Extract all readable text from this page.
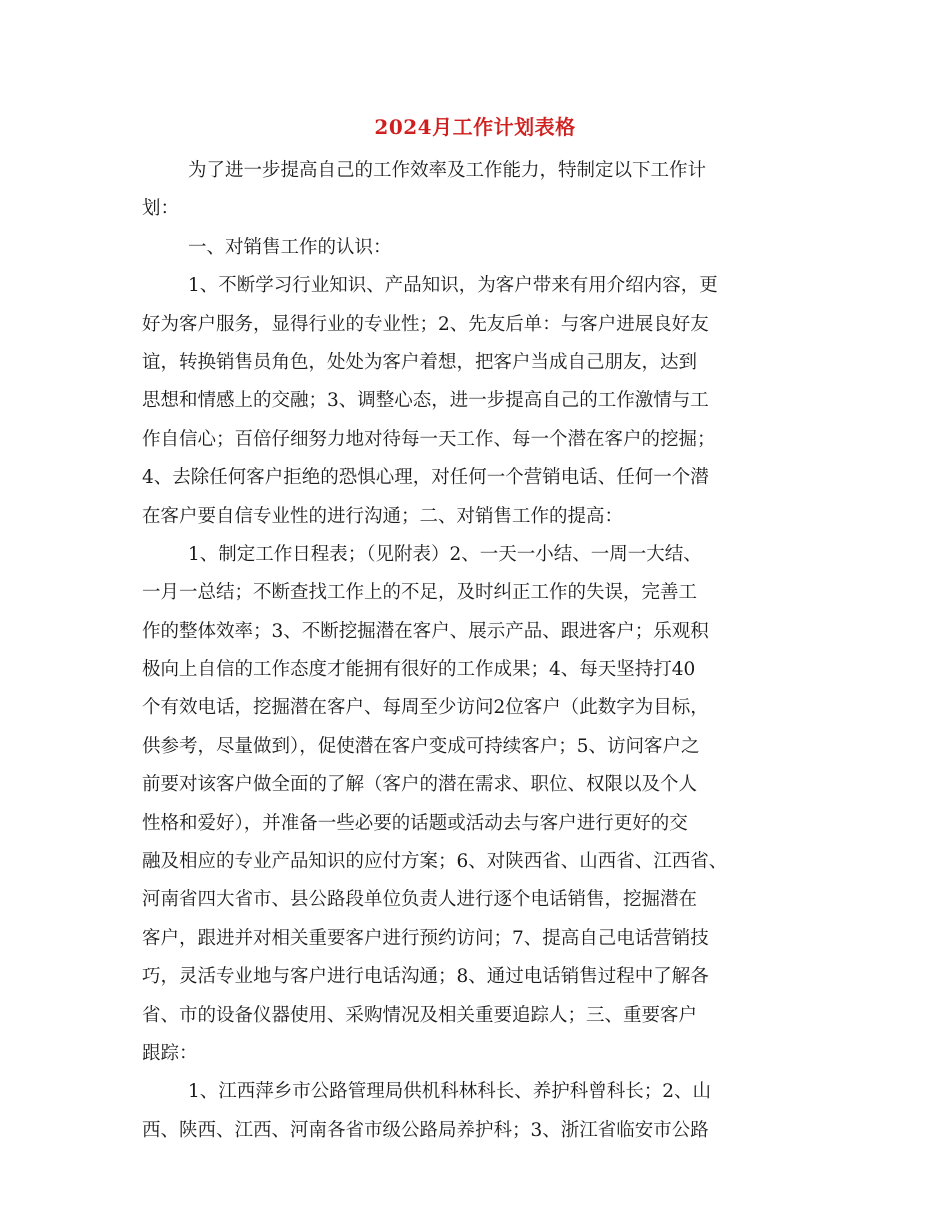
2024月工作计划表格
为了进一步提高自己的工作效率及工作能力，特制定以下工作计
划：
一、对销售工作的认识：
1、不断学习行业知识、产品知识，为客户带来有用介绍内容，更
好为客户服务，显得行业的专业性；2、先友后单：与客户进展良好友
谊，转换销售员角色，处处为客户着想，把客户当成自己朋友，达到
思想和情感上的交融；3、调整心态，进一步提高自己的工作激情与工
作自信心；百倍仔细努力地对待每一天工作、每一个潜在客户的挖掘；
4、去除任何客户拒绝的恐惧心理，对任何一个营销电话、任何一个潜
在客户要自信专业性的进行沟通；二、对销售工作的提高：
1、制定工作日程表；（见附表）2、一天一小结、一周一大结、
一月一总结；不断查找工作上的不足，及时纠正工作的失误，完善工
作的整体效率；3、不断挖掘潜在客户、展示产品、跟进客户；乐观积
极向上自信的工作态度才能拥有很好的工作成果；4、每天坚持打40
个有效电话，挖掘潜在客户、每周至少访问2位客户（此数字为目标，
供参考，尽量做到），促使潜在客户变成可持续客户；5、访问客户之
前要对该客户做全面的了解（客户的潜在需求、职位、权限以及个人
性格和爱好），并准备一些必要的话题或活动去与客户进行更好的交
融及相应的专业产品知识的应付方案；6、对陕西省、山西省、江西省、
河南省四大省市、县公路段单位负责人进行逐个电话销售，挖掘潜在
客户，跟进并对相关重要客户进行预约访问；7、提高自己电话营销技
巧，灵活专业地与客户进行电话沟通；8、通过电话销售过程中了解各
省、市的设备仪器使用、采购情况及相关重要追踪人；三、重要客户
跟踪：
1、江西萍乡市公路管理局供机科林科长、养护科曾科长；2、山
西、陕西、江西、河南各省市级公路局养护科；3、浙江省临安市公路
